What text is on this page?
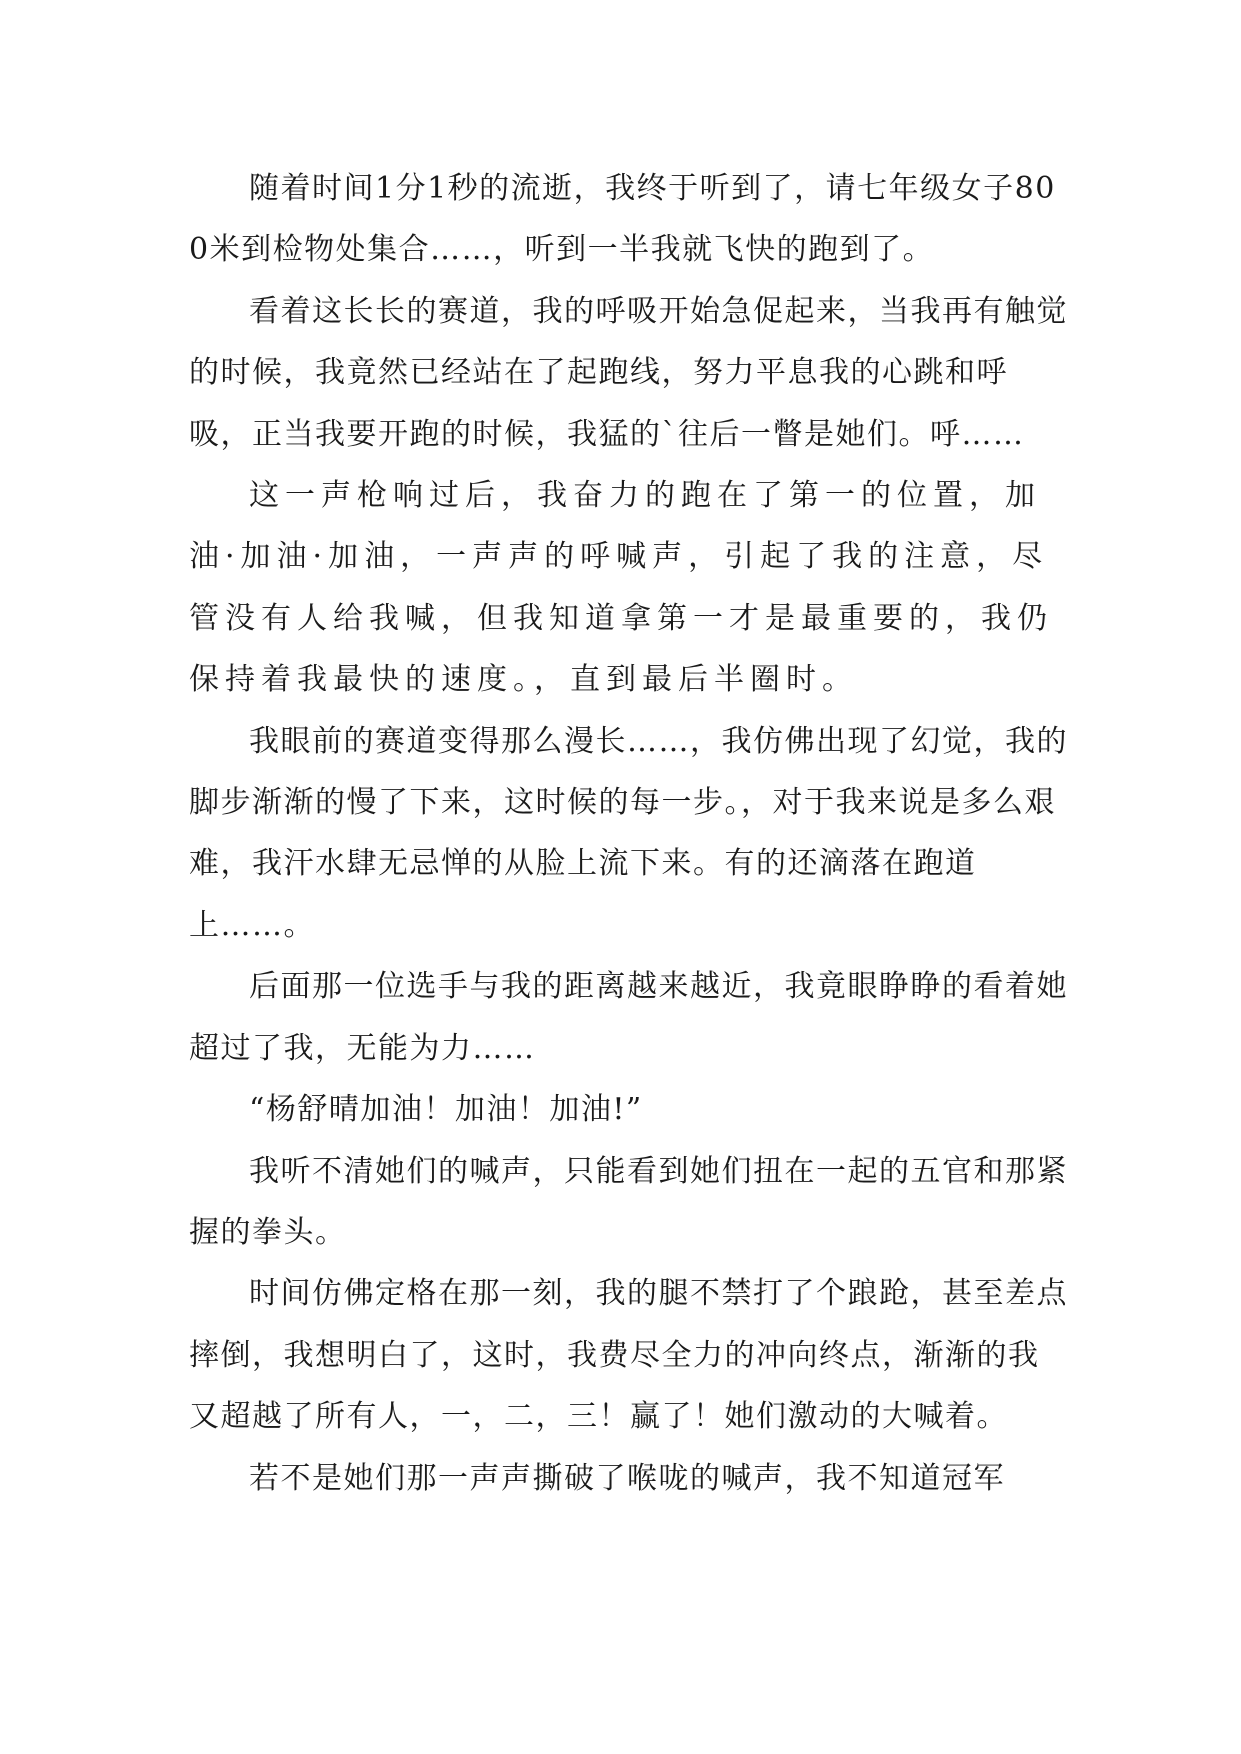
随着时间1分1秒的流逝，我终于听到了，请七年级女子800米到检物处集合……，听到一半我就飞快的跑到了。

看着这长长的赛道，我的呼吸开始急促起来，当我再有触觉的时候，我竟然已经站在了起跑线，努力平息我的心跳和呼吸，正当我要开跑的时候，我猛的`往后一瞥是她们。呼……

这一声枪响过后，我奋力的跑在了第一的位置，加油·加油·加油，一声声的呼喊声，引起了我的注意，尽管没有人给我喊，但我知道拿第一才是最重要的，我仍保持着我最快的速度。，直到最后半圈时。

我眼前的赛道变得那么漫长……，我仿佛出现了幻觉，我的脚步渐渐的慢了下来，这时候的每一步。，对于我来说是多么艰难，我汗水肆无忌惮的从脸上流下来。有的还滴落在跑道上……。

后面那一位选手与我的距离越来越近，我竟眼睁睁的看着她超过了我，无能为力……

“杨舒晴加油！加油！加油!”

我听不清她们的喊声，只能看到她们扭在一起的五官和那紧握的拳头。

时间仿佛定格在那一刻，我的腿不禁打了个踉跄，甚至差点摔倒，我想明白了，这时，我费尽全力的冲向终点，渐渐的我又超越了所有人，一，二，三！赢了！她们激动的大喊着。

若不是她们那一声声撕破了喉咙的喊声，我不知道冠军
